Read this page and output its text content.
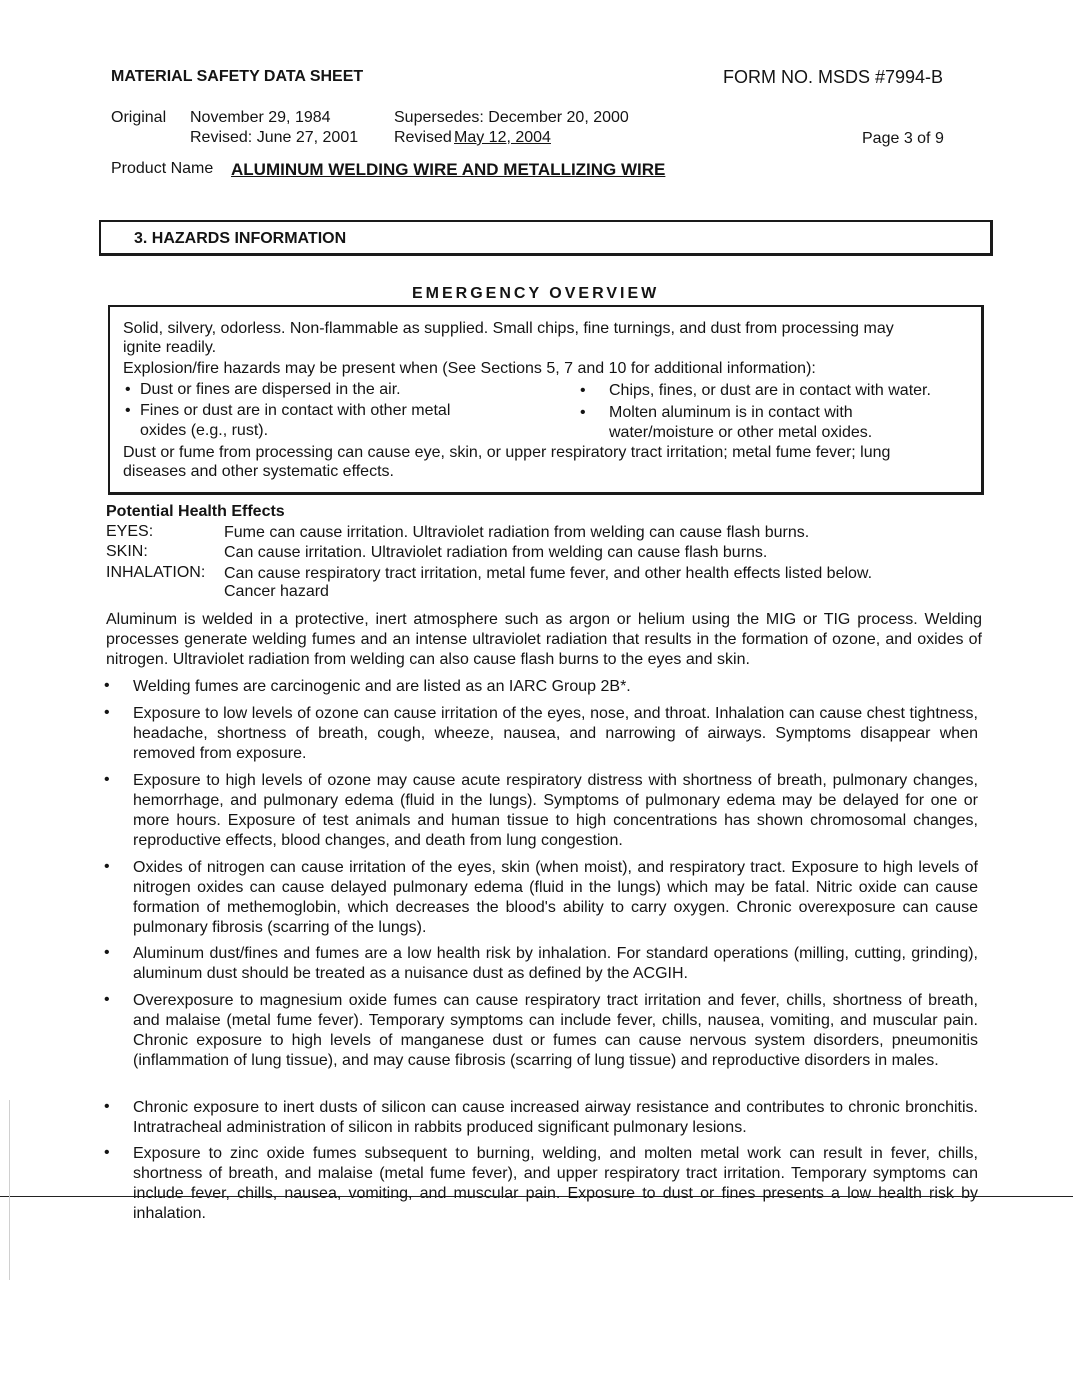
MATERIAL SAFETY DATA SHEET	FORM NO. MSDS #7994-B
Original November 29, 1984
Revised: June 27, 2001
Supersedes: December 20, 2000
Revised May 12, 2004	Page 3 of 9
Product Name ALUMINUM WELDING WIRE AND METALLIZING WIRE
3. HAZARDS INFORMATION
EMERGENCY OVERVIEW
Solid, silvery, odorless. Non-flammable as supplied. Small chips, fine turnings, and dust from processing may
ignite readily.
Explosion/fire hazards may be present when (See Sections 5, 7 and 10 for additional information):
• Dust or fines are dispersed in the air.
• Fines or dust are in contact with other metal
oxides (e.g., rust).
• Chips, fines, or dust are in contact with water.
• Molten aluminum is in contact with
water/moisture or other metal oxides.
Dust or fume from processing can cause eye, skin, or upper respiratory tract irritation; metal fume fever; lung
diseases and other systematic effects.
Potential Health Effects
EYES:	Fume can cause irritation. Ultraviolet radiation from welding can cause flash burns.
SKIN:	Can cause irritation. Ultraviolet radiation from welding can cause flash burns.
INHALATION: Can cause respiratory tract irritation, metal fume fever, and other health effects listed below.
Cancer hazard

Aluminum is welded in a protective, inert atmosphere such as argon or helium using the MIG or TIG process. Welding processes generate welding fumes and an intense ultraviolet radiation that results in the formation of ozone, and oxides of nitrogen. Ultraviolet radiation from welding can also cause flash burns to the eyes and skin.

•	Welding fumes are carcinogenic and are listed as an IARC Group 2B*.

•	Exposure to low levels of ozone can cause irritation of the eyes, nose, and throat. Inhalation can cause chest tightness, headache, shortness of breath, cough, wheeze, nausea, and narrowing of airways. Symptoms disappear when removed from exposure.

•	Exposure to high levels of ozone may cause acute respiratory distress with shortness of breath, pulmonary changes, hemorrhage, and pulmonary edema (fluid in the lungs). Symptoms of pulmonary edema may be delayed for one or more hours. Exposure of test animals and human tissue to high concentrations has shown chromosomal changes, reproductive effects, blood changes, and death from lung congestion.

•	Oxides of nitrogen can cause irritation of the eyes, skin (when moist), and respiratory tract. Exposure to high levels of nitrogen oxides can cause delayed pulmonary edema (fluid in the lungs) which may be fatal. Nitric oxide can cause formation of methemoglobin, which decreases the blood's ability to carry oxygen. Chronic overexposure can cause pulmonary fibrosis (scarring of the lungs).

•	Aluminum dust/fines and fumes are a low health risk by inhalation. For standard operations (milling, cutting, grinding), aluminum dust should be treated as a nuisance dust as defined by the ACGIH.

•	Overexposure to magnesium oxide fumes can cause respiratory tract irritation and fever, chills, shortness of breath, and malaise (metal fume fever). Temporary symptoms can include fever, chills, nausea, vomiting, and muscular pain. Chronic exposure to high levels of manganese dust or fumes can cause nervous system disorders, pneumonitis (inflammation of lung tissue), and may cause fibrosis (scarring of lung tissue) and reproductive disorders in males.

•	Chronic exposure to inert dusts of silicon can cause increased airway resistance and contributes to chronic bronchitis. Intratracheal administration of silicon in rabbits produced significant pulmonary lesions.

•	Exposure to zinc oxide fumes subsequent to burning, welding, and molten metal work can result in fever, chills, shortness of breath, and malaise (metal fume fever), and upper respiratory tract irritation. Temporary symptoms can include fever, chills, nausea, vomiting, and muscular pain. Exposure to dust or fines presents a low health risk by inhalation.
